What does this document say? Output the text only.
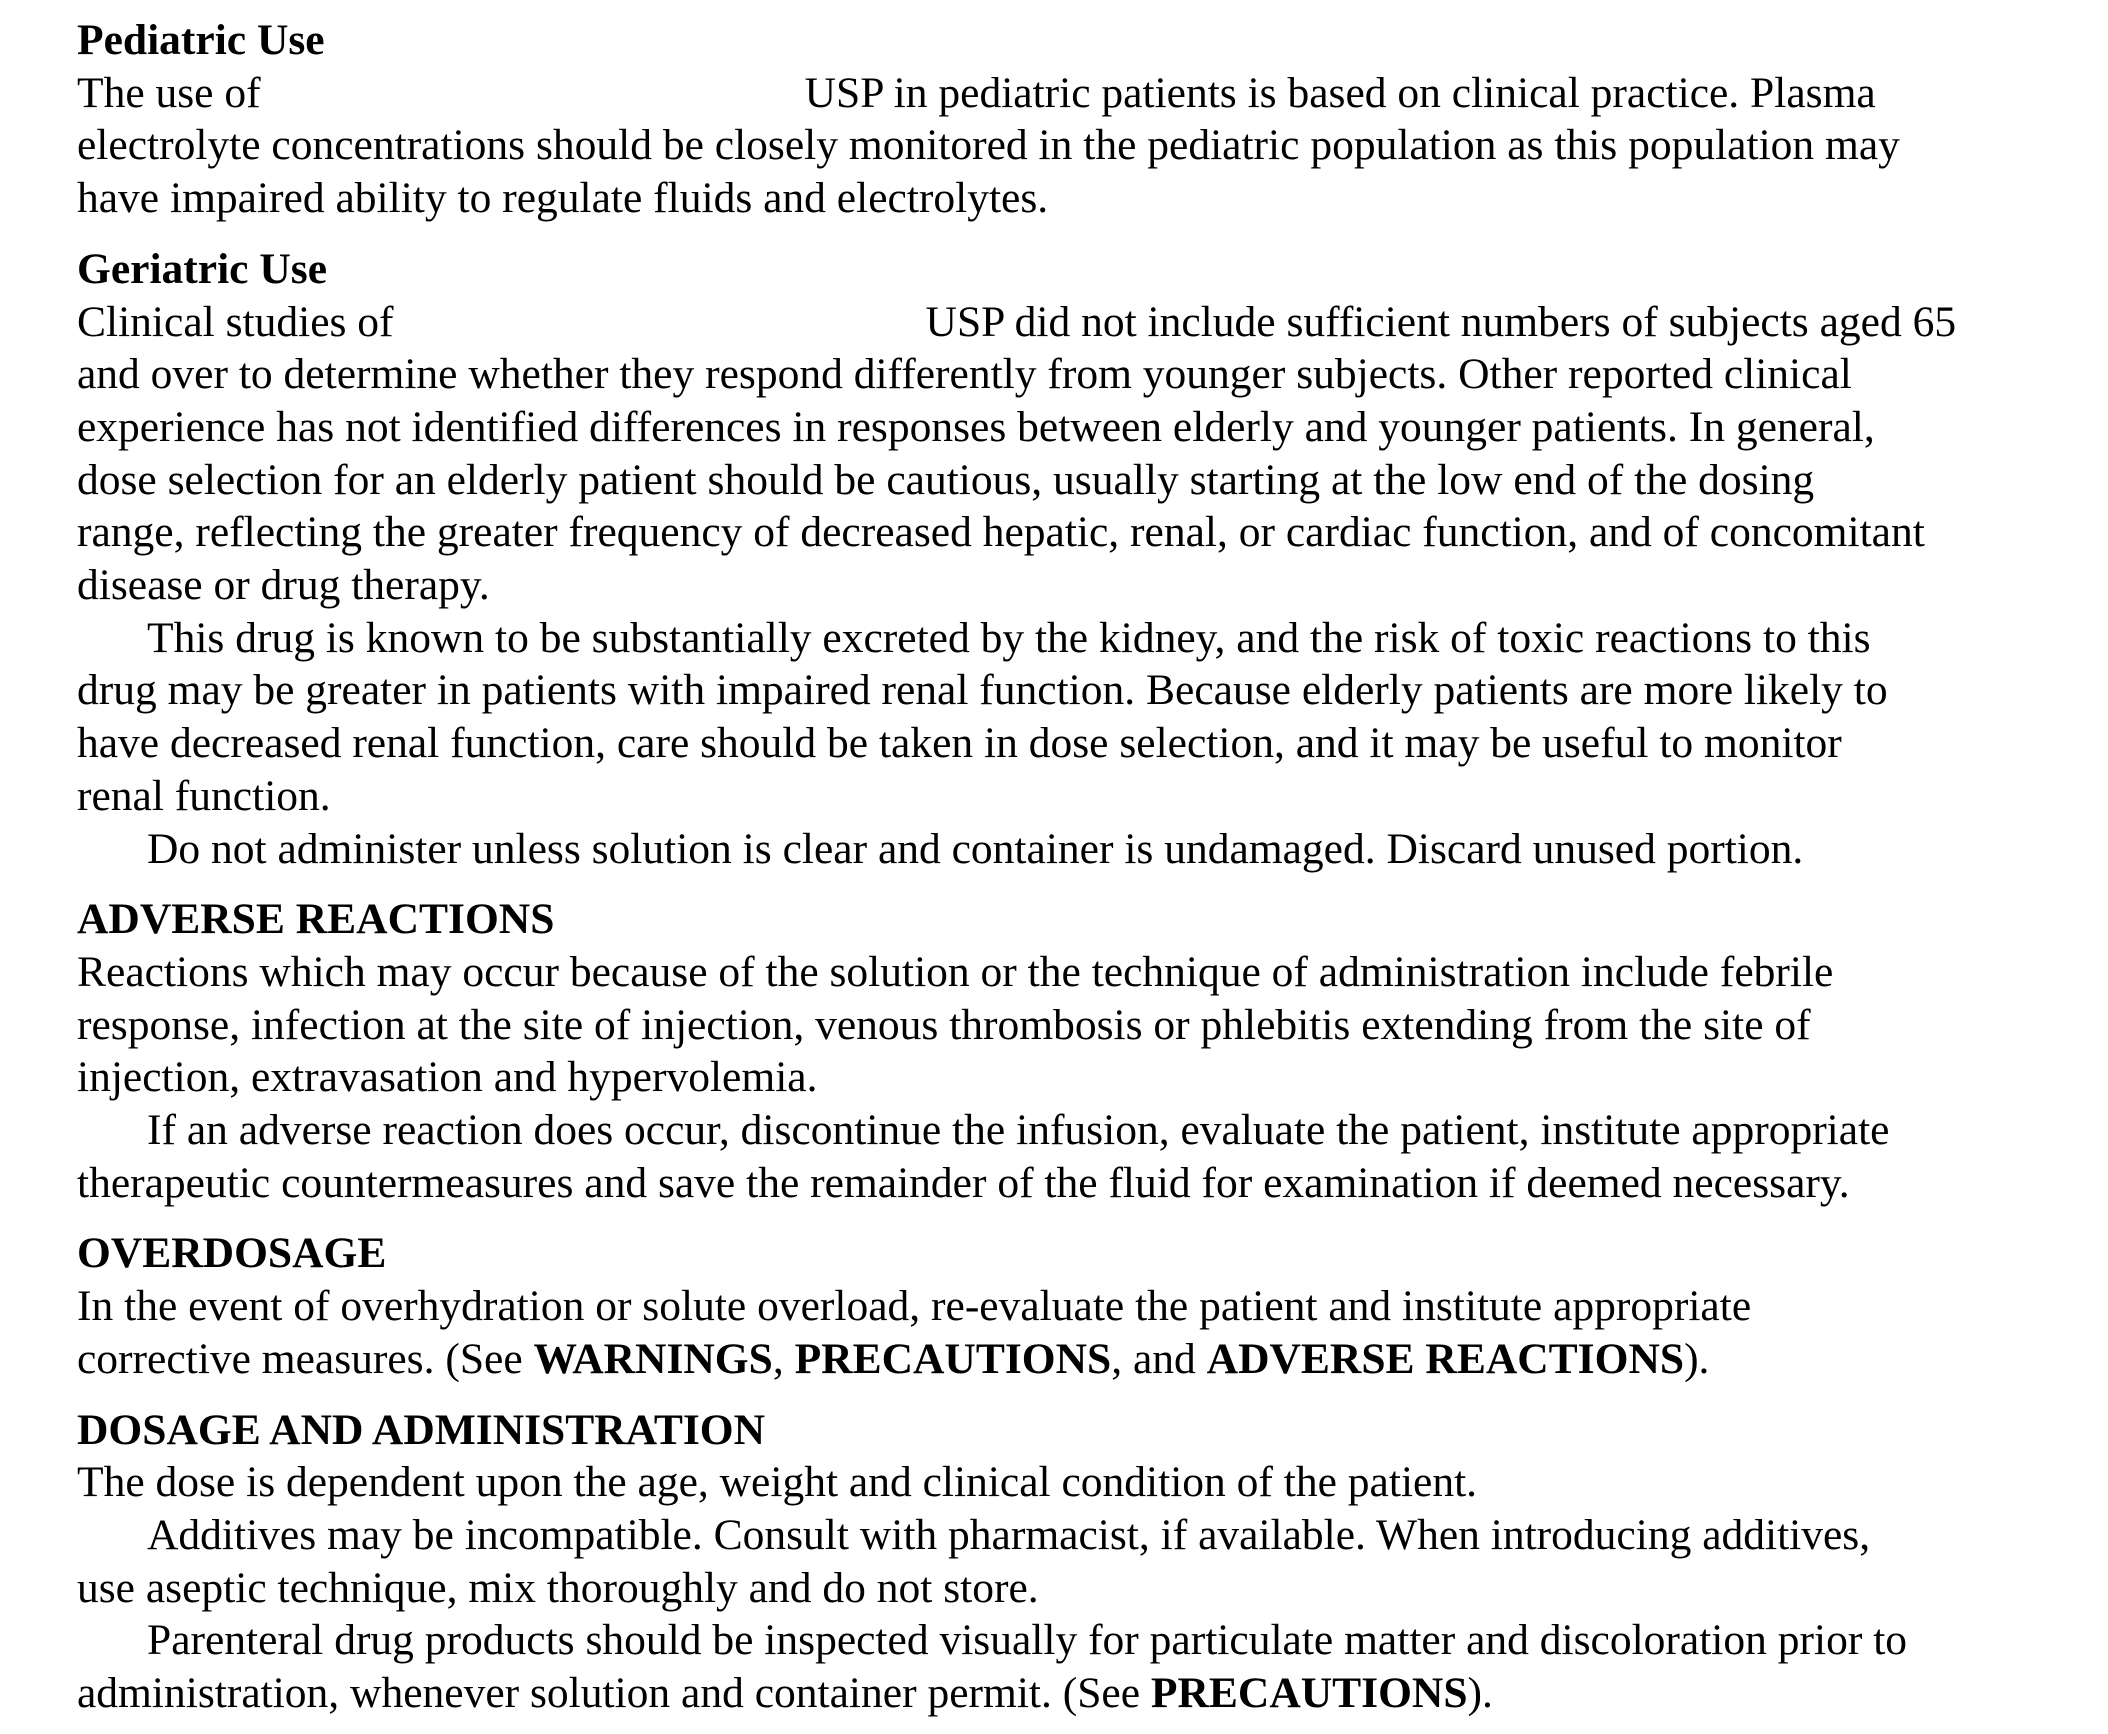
Pediatric Use
The use of	USP in pediatric patients is based on clinical practice. Plasma
electrolyte concentrations should be closely monitored in the pediatric population as this population may
have impaired ability to regulate fluids and electrolytes.
Geriatric Use
Clinical studies of	USP did not include sufficient numbers of subjects aged 65
and over to determine whether they respond differently from younger subjects. Other reported clinical
experience has not identified differences in responses between elderly and younger patients. In general,
dose selection for an elderly patient should be cautious, usually starting at the low end of the dosing
range, reflecting the greater frequency of decreased hepatic, renal, or cardiac function, and of concomitant
disease or drug therapy.
This drug is known to be substantially excreted by the kidney, and the risk of toxic reactions to this
drug may be greater in patients with impaired renal function. Because elderly patients are more likely to
have decreased renal function, care should be taken in dose selection, and it may be useful to monitor
renal function.
Do not administer unless solution is clear and container is undamaged. Discard unused portion.
ADVERSE REACTIONS
Reactions which may occur because of the solution or the technique of administration include febrile
response, infection at the site of injection, venous thrombosis or phlebitis extending from the site of
injection, extravasation and hypervolemia.
If an adverse reaction does occur, discontinue the infusion, evaluate the patient, institute appropriate
therapeutic countermeasures and save the remainder of the fluid for examination if deemed necessary.
OVERDOSAGE
In the event of overhydration or solute overload, re-evaluate the patient and institute appropriate
corrective measures. (See WARNINGS, PRECAUTIONS, and ADVERSE REACTIONS).
DOSAGE AND ADMINISTRATION
The dose is dependent upon the age, weight and clinical condition of the patient.
Additives may be incompatible. Consult with pharmacist, if available. When introducing additives,
use aseptic technique, mix thoroughly and do not store.
Parenteral drug products should be inspected visually for particulate matter and discoloration prior to
administration, whenever solution and container permit. (See PRECAUTIONS).
